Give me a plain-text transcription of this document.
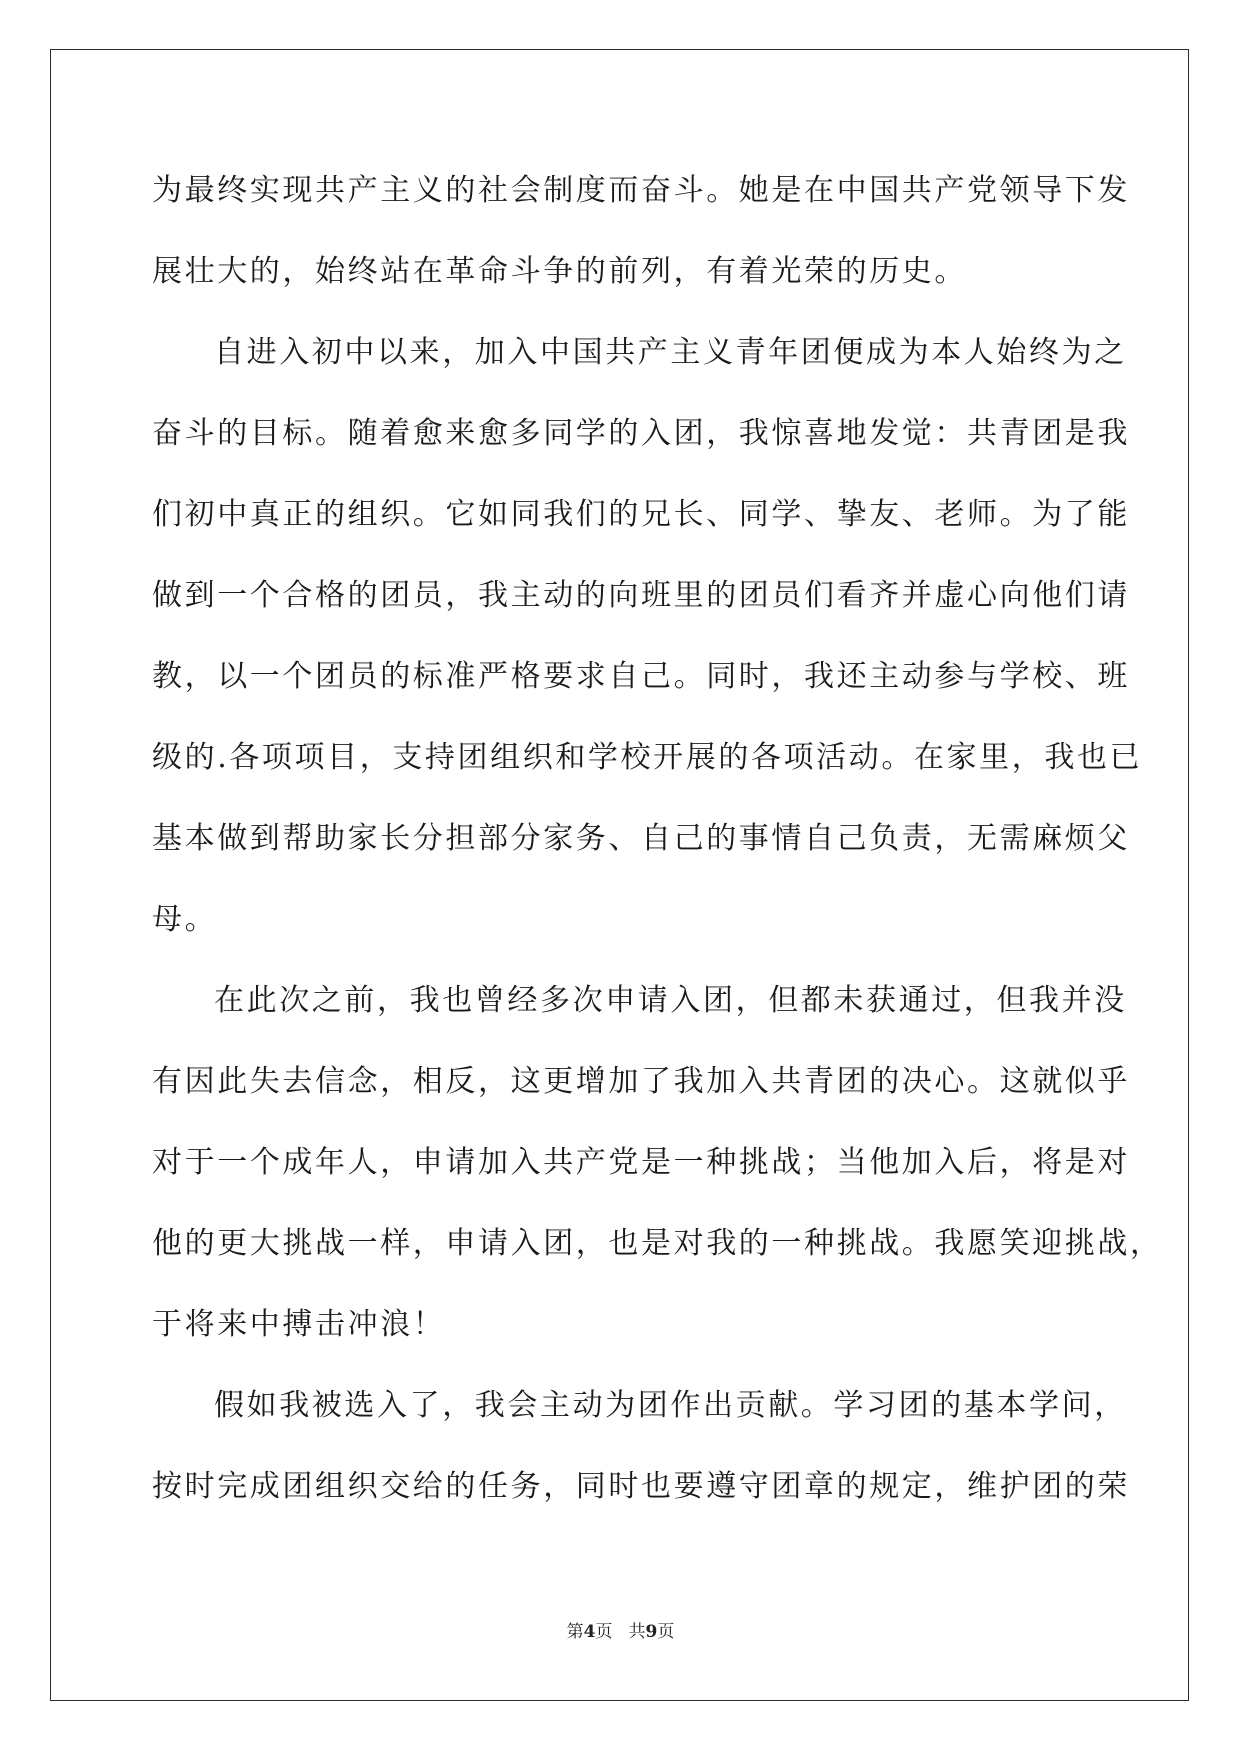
为最终实现共产主义的社会制度而奋斗。她是在中国共产党领导下发
展壮大的，始终站在革命斗争的前列，有着光荣的历史。
自进入初中以来，加入中国共产主义青年团便成为本人始终为之
奋斗的目标。随着愈来愈多同学的入团，我惊喜地发觉：共青团是我
们初中真正的组织。它如同我们的兄长、同学、挚友、老师。为了能
做到一个合格的团员，我主动的向班里的团员们看齐并虚心向他们请
教，以一个团员的标准严格要求自己。同时，我还主动参与学校、班
级的.各项项目，支持团组织和学校开展的各项活动。在家里，我也已
基本做到帮助家长分担部分家务、自己的事情自己负责，无需麻烦父
母。
在此次之前，我也曾经多次申请入团，但都未获通过，但我并没
有因此失去信念，相反，这更增加了我加入共青团的决心。这就似乎
对于一个成年人，申请加入共产党是一种挑战；当他加入后，将是对
他的更大挑战一样，申请入团，也是对我的一种挑战。我愿笑迎挑战，
于将来中搏击冲浪！
假如我被选入了，我会主动为团作出贡献。学习团的基本学问，
按时完成团组织交给的任务，同时也要遵守团章的规定，维护团的荣
第4页 共9页
